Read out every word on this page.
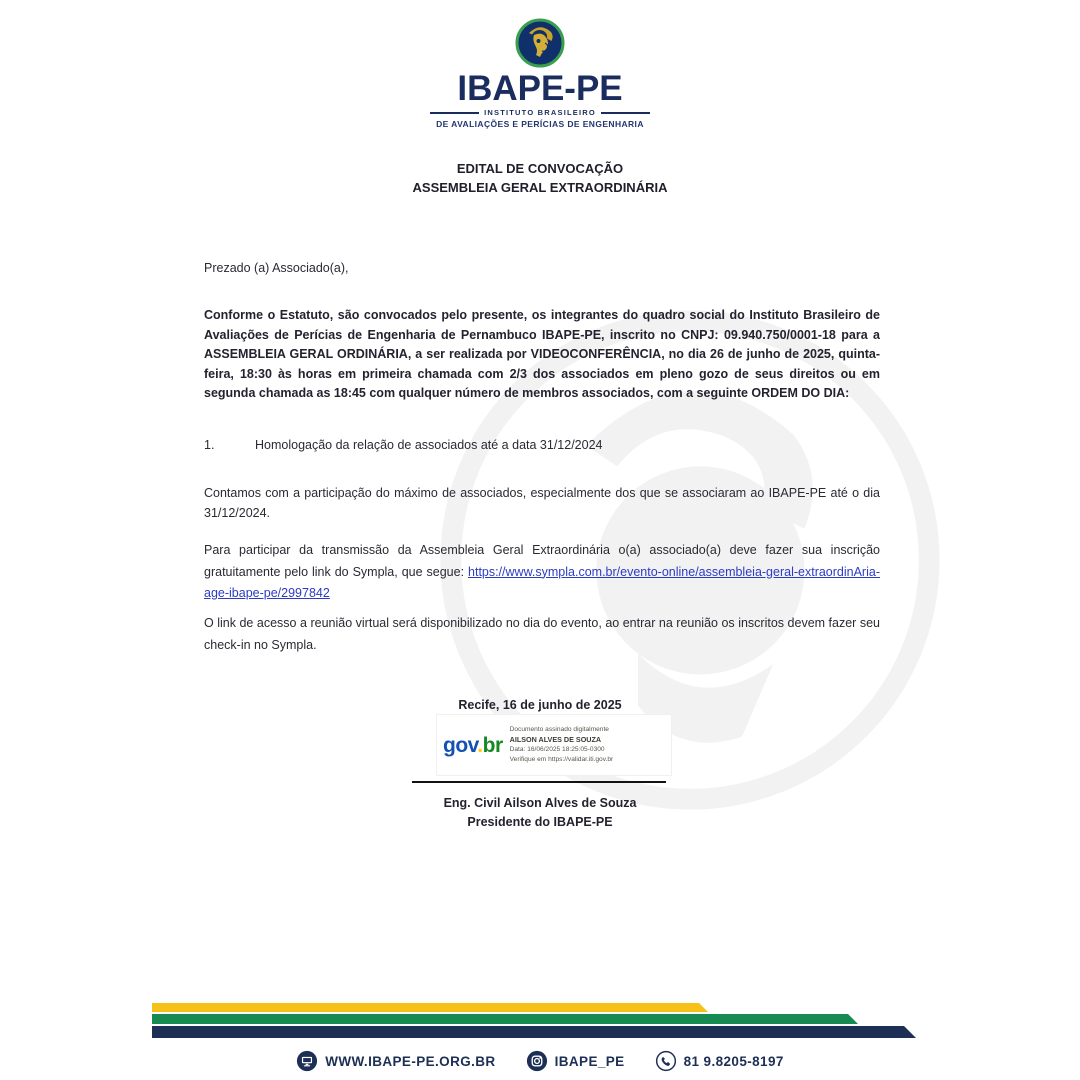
IBAPE-PE
INSTITUTO BRASILEIRO
DE AVALIAÇÕES E PERÍCIAS DE ENGENHARIA
EDITAL DE CONVOCAÇÃO
ASSEMBLEIA GERAL EXTRAORDINÁRIA
Prezado (a) Associado(a),
Conforme o Estatuto, são convocados pelo presente, os integrantes do quadro social do Instituto Brasileiro de Avaliações de Perícias de Engenharia de Pernambuco IBAPE-PE, inscrito no CNPJ: 09.940.750/0001-18 para a ASSEMBLEIA GERAL ORDINÁRIA, a ser realizada por VIDEOCONFERÊNCIA, no dia 26 de junho de 2025, quinta-feira, 18:30 às horas em primeira chamada com 2/3 dos associados em pleno gozo de seus direitos ou em segunda chamada as 18:45 com qualquer número de membros associados, com a seguinte ORDEM DO DIA:
1.	Homologação da relação de associados até a data 31/12/2024
Contamos com a participação do máximo de associados, especialmente dos que se associaram ao IBAPE-PE até o dia 31/12/2024.
Para participar da transmissão da Assembleia Geral Extraordinária o(a) associado(a) deve fazer sua inscrição gratuitamente pelo link do Sympla, que segue: https://www.sympla.com.br/evento-online/assembleia-geral-extraordinAria-age-ibape-pe/2997842
O link de acesso a reunião virtual será disponibilizado no dia do evento, ao entrar na reunião os inscritos devem fazer seu check-in no Sympla.
Recife, 16 de junho de 2025
gov.br
Documento assinado digitalmente
AILSON ALVES DE SOUZA
Data: 16/06/2025 18:25:05-0300
Verifique em https://validar.iti.gov.br
Eng. Civil Ailson Alves de Souza
Presidente do IBAPE-PE
WWW.IBAPE-PE.ORG.BR	IBAPE_PE	81 9.8205-8197
